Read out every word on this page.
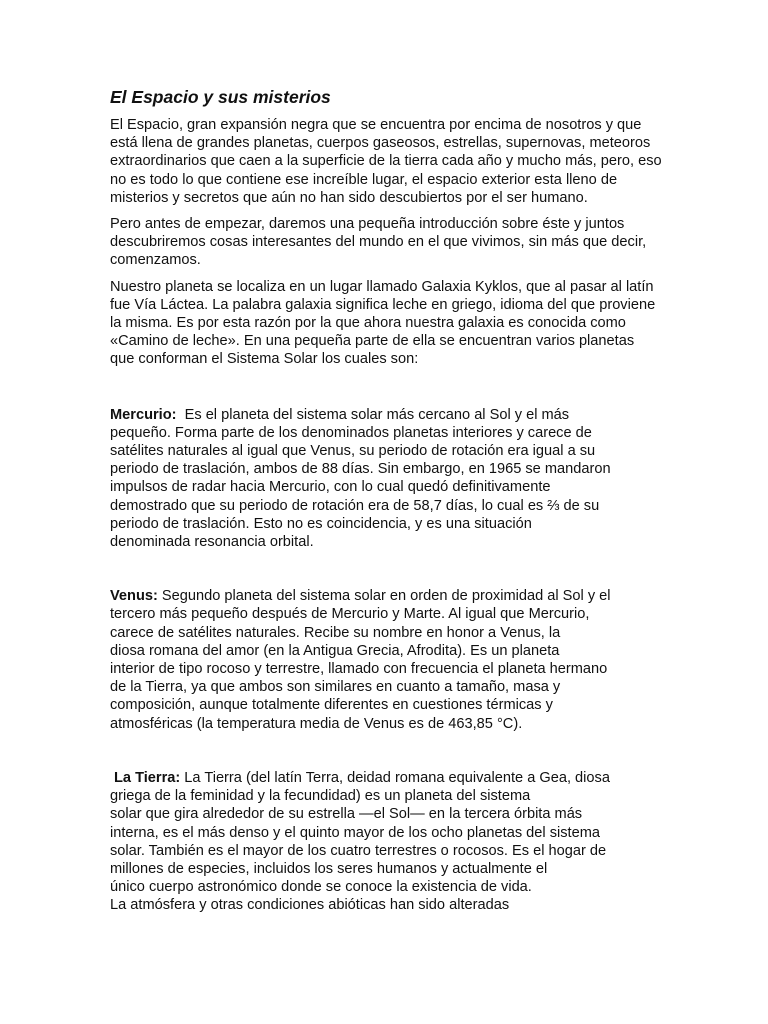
El Espacio y sus misterios

El Espacio, gran expansión negra que se encuentra por encima de nosotros y que está llena de grandes planetas, cuerpos gaseosos, estrellas, supernovas, meteoros extraordinarios que caen a la superficie de la tierra cada año y mucho más, pero, eso no es todo lo que contiene ese increíble lugar, el espacio exterior esta lleno de misterios y secretos que aún no han sido descubiertos por el ser humano.

Pero antes de empezar, daremos una pequeña introducción sobre éste y juntos descubriremos cosas interesantes del mundo en el que vivimos, sin más que decir, comenzamos.

Nuestro planeta se localiza en un lugar llamado Galaxia Kyklos, que al pasar al latín fue Vía Láctea. La palabra galaxia significa leche en griego, idioma del que proviene la misma. Es por esta razón por la que ahora nuestra galaxia es conocida como «Camino de leche». En una pequeña parte de ella se encuentran varios planetas que conforman el Sistema Solar los cuales son:

Mercurio:  Es el planeta del sistema solar más cercano al Sol y el más
pequeño. Forma parte de los denominados planetas interiores y carece de
satélites naturales al igual que Venus, su periodo de rotación era igual a su
periodo de traslación, ambos de 88 días. Sin embargo, en 1965 se mandaron
impulsos de radar hacia Mercurio, con lo cual quedó definitivamente
demostrado que su periodo de rotación era de 58,7 días, lo cual es ⅔ de su
periodo de traslación. Esto no es coincidencia, y es una situación
denominada resonancia orbital.
Venus: Segundo planeta del sistema solar en orden de proximidad al Sol y el
tercero más pequeño después de Mercurio y Marte. Al igual que Mercurio,
carece de satélites naturales. Recibe su nombre en honor a Venus, la
diosa romana del amor (en la Antigua Grecia, Afrodita). Es un planeta
interior de tipo rocoso y terrestre, llamado con frecuencia el planeta hermano
de la Tierra, ya que ambos son similares en cuanto a tamaño, masa y
composición, aunque totalmente diferentes en cuestiones térmicas y
atmosféricas (la temperatura media de Venus es de 463,85 °C).
La Tierra: La Tierra (del latín Terra, deidad romana equivalente a Gea, diosa
griega de la feminidad y la fecundidad) es un planeta del sistema
solar que gira alrededor de su estrella —el Sol— en la tercera órbita más
interna, es el más denso y el quinto mayor de los ocho planetas del sistema
solar. También es el mayor de los cuatro terrestres o rocosos. Es el hogar de
millones de especies, incluidos los seres humanos y actualmente el
único cuerpo astronómico donde se conoce la existencia de vida.
La atmósfera y otras condiciones abióticas han sido alteradas
